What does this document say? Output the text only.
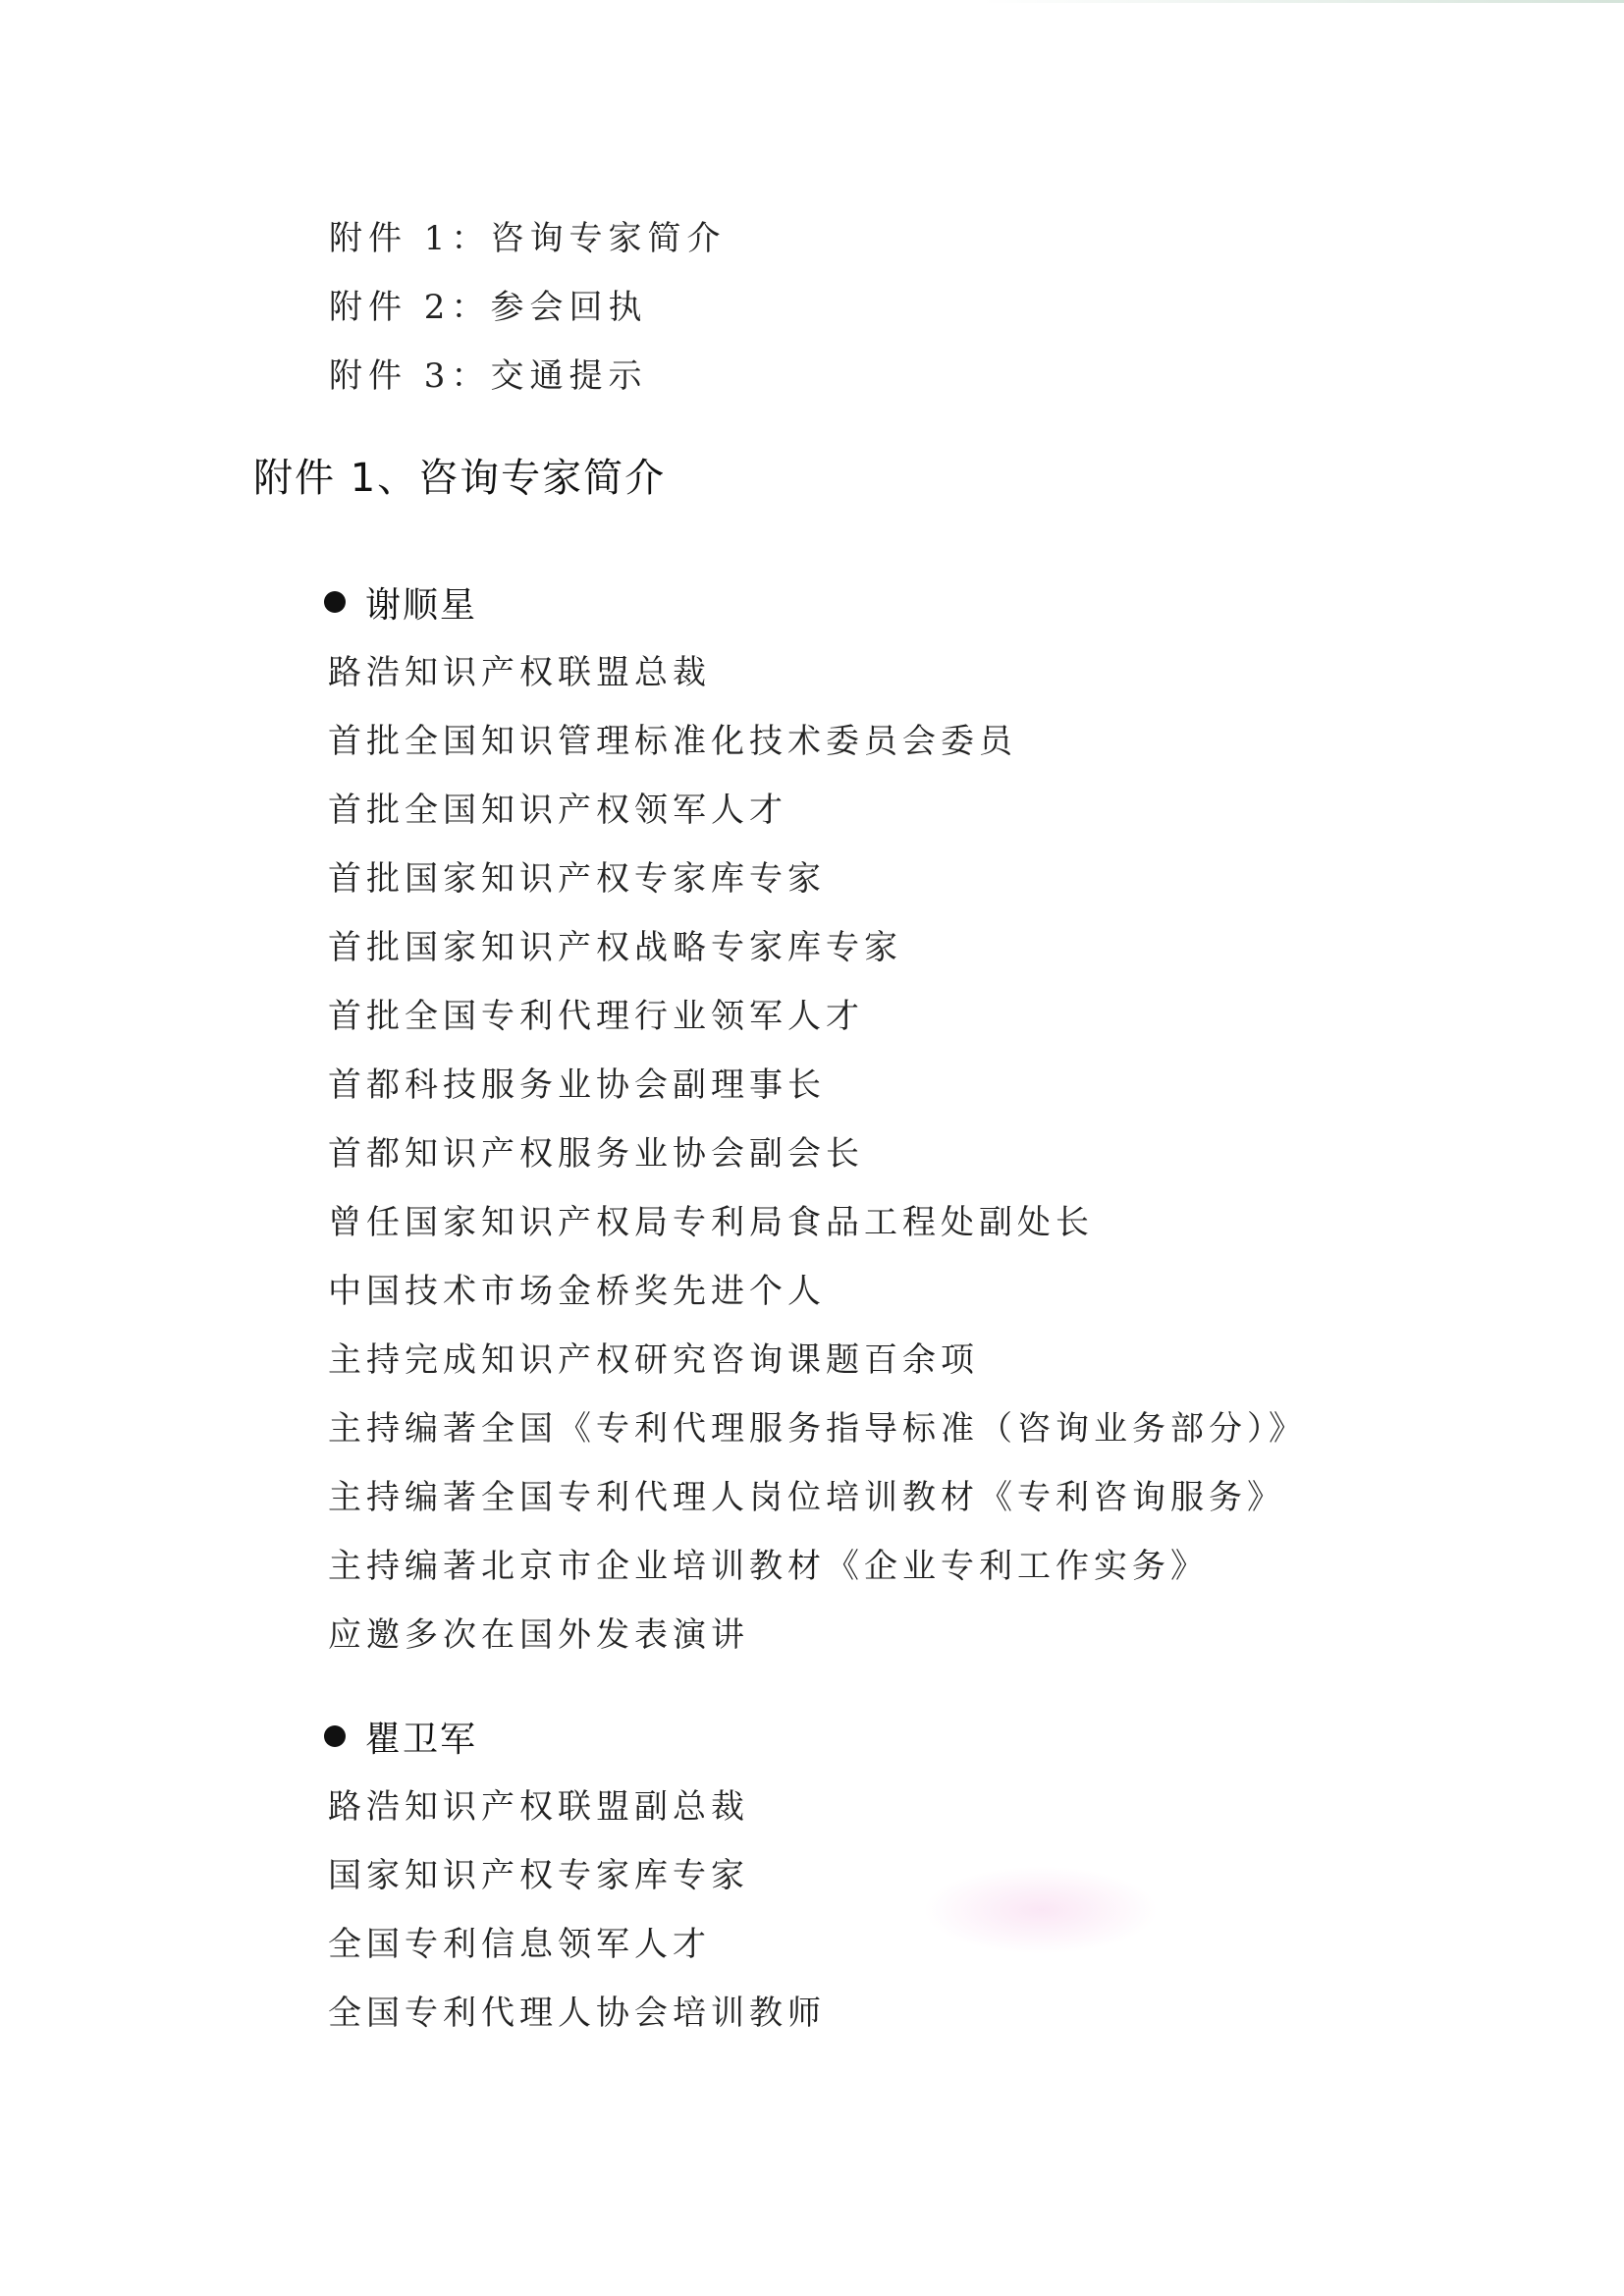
附件 1：咨询专家简介
附件 2：参会回执
附件 3：交通提示
附件 1、咨询专家简介
谢顺星
路浩知识产权联盟总裁
首批全国知识管理标准化技术委员会委员
首批全国知识产权领军人才
首批国家知识产权专家库专家
首批国家知识产权战略专家库专家
首批全国专利代理行业领军人才
首都科技服务业协会副理事长
首都知识产权服务业协会副会长
曾任国家知识产权局专利局食品工程处副处长
中国技术市场金桥奖先进个人
主持完成知识产权研究咨询课题百余项
主持编著全国《专利代理服务指导标准（咨询业务部分）》
主持编著全国专利代理人岗位培训教材《专利咨询服务》
主持编著北京市企业培训教材《企业专利工作实务》
应邀多次在国外发表演讲
瞿卫军
路浩知识产权联盟副总裁
国家知识产权专家库专家
全国专利信息领军人才
全国专利代理人协会培训教师
